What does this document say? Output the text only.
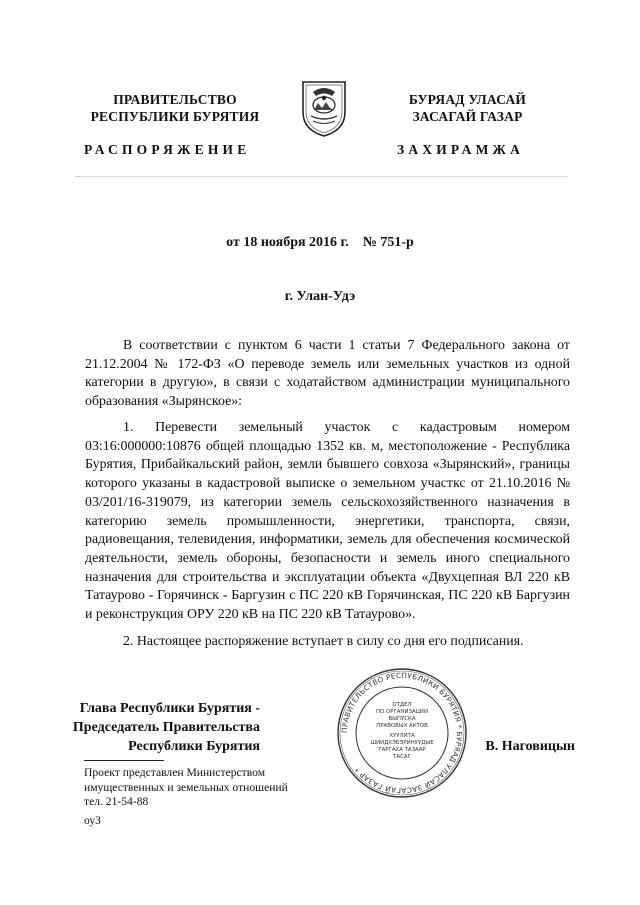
ПРАВИТЕЛЬСТВО
РЕСПУБЛИКИ БУРЯТИЯ
РАСПОРЯЖЕНИЕ
БУРЯАД УЛАСАЙ
ЗАСАГАЙ ГАЗАР
ЗАХИРАМЖА
от 18 ноября 2016 г.    № 751-р
г. Улан-Удэ
В соответствии с пунктом 6 части 1 статьи 7 Федерального закона от 21.12.2004 № 172-ФЗ «О переводе земель или земельных участков из одной категории в другую», в связи с ходатайством администрации муниципального образования «Зырянское»:
1. Перевести земельный участок с кадастровым номером 03:16:000000:10876 общей площадью 1352 кв. м, местоположение - Республика Бурятия, Прибайкальский район, земли бывшего совхоза «Зырянский», границы которого указаны в кадастровой выписке о земельном участкс от 21.10.2016 № 03/201/16-319079, из категории земель сельскохозяйственного назначения в категорию земель промышленности, энергетики, транспорта, связи, радиовещания, телевидения, информатики, земель для обеспечения космической деятельности, земель обороны, безопасности и земель иного специального назначения для строительства и эксплуатации объекта «Двухцепная ВЛ 220 кВ Татаурово - Горячинск - Баргузин с ПС 220 кВ Горячинская, ПС 220 кВ Баргузин и реконструкция ОРУ 220 кВ на ПС 220 кВ Татаурово».
2. Настоящее распоряжение вступает в силу со дня его подписания.
Глава Республики Бурятия -
Председатель Правительства
Республики Бурятия	В. Наговицын
ПРАВИТЕЛЬСТВО РЕСПУБЛИКИ БУРЯТИЯ * БУРЯАД УЛАСАЙ ЗАСАГАЙ ГАЗАР *
ОТДЕЛ
ПО ОРГАНИЗАЦИИ
ВЫПУСКА
ПРАВОВЫХ АКТОВ
ХУУЛИТА
ШИИДХЭБЭРИНУУДЫЕ
ГАРГАХА ТАЗААР
ТАСАГ
Проект представлен Министерством
имущественных и земельных отношений
тел. 21-54-88
оуЗ
